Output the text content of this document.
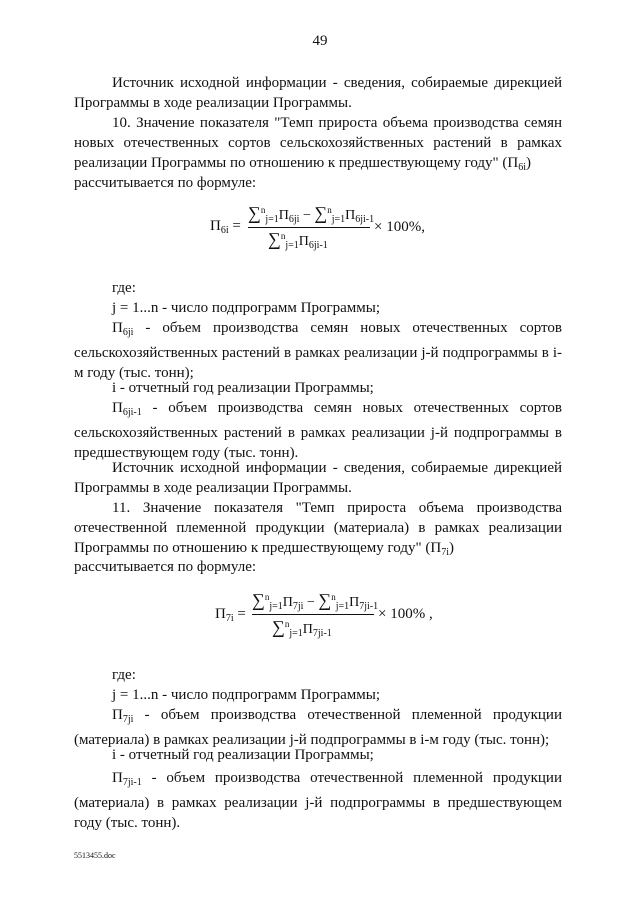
49
Источник исходной информации - сведения, собираемые дирекцией Программы в ходе реализации Программы.
10. Значение показателя "Темп прироста объема производства семян новых отечественных сортов сельскохозяйственных растений в рамках реализации Программы по отношению к предшествующему году" $(П_{6i})$
рассчитывается по формуле:
$П_{6i}$ =
$\sum^n_{j=1}П_{6ji} - \sum^n_{j=1}П_{6ji-1}$
$\sum^n_{j=1}П_{6ji-1}$
× 100%,
где:
j = 1...n - число подпрограмм Программы;
$П_{6ji}$ - объем производства семян новых отечественных сортов сельскохозяйственных растений в рамках реализации j-й подпрограммы в i-м году (тыс. тонн);
i - отчетный год реализации Программы;
$П_{6ji-1}$ - объем производства семян новых отечественных сортов сельскохозяйственных растений в рамках реализации j-й подпрограммы в предшествующем году (тыс. тонн).
Источник исходной информации - сведения, собираемые дирекцией Программы в ходе реализации Программы.
11. Значение показателя "Темп прироста объема производства отечественной племенной продукции (материала) в рамках реализации Программы по отношению к предшествующему году" $(П_{7i})$
рассчитывается по формуле:
$П_{7i}$ =
$\sum^n_{j=1}П_{7ji} - \sum^n_{j=1}П_{7ji-1}$
$\sum^n_{j=1}П_{7ji-1}$
× 100% ,
где:
j = 1...n - число подпрограмм Программы;
$П_{7ji}$ - объем производства отечественной племенной продукции (материала) в рамках реализации j-й подпрограммы в i-м году (тыс. тонн);
i - отчетный год реализации Программы;
$П_{7ji-1}$ - объем производства отечественной племенной продукции (материала) в рамках реализации j-й подпрограммы в предшествующем году (тыс. тонн).
5513455.doc
